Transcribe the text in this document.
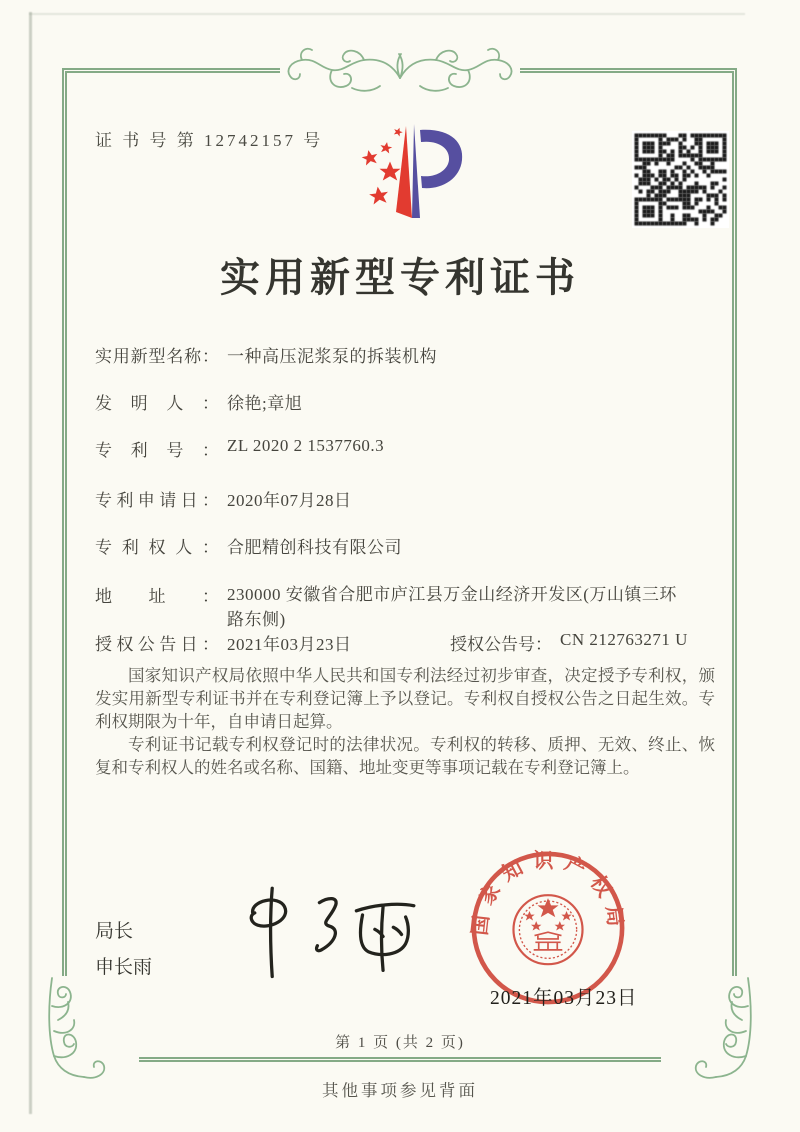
证 书 号 第 12742157 号
实用新型专利证书
实用新型名称： 一种高压泥浆泵的拆装机构
发明人： 徐艳;章旭
专利号： ZL 2020 2 1537760.3
专利申请日： 2020年07月28日
专利权人： 合肥精创科技有限公司
地址： 230000 安徽省合肥市庐江县万金山经济开发区(万山镇三环路东侧)
授权公告日： 2021年03月23日	授权公告号： CN 212763271 U

国家知识产权局依照中华人民共和国专利法经过初步审查，决定授予专利权，颁发实用新型专利证书并在专利登记簿上予以登记。专利权自授权公告之日起生效。专利权期限为十年，自申请日起算。

专利证书记载专利权登记时的法律状况。专利权的转移、质押、无效、终止、恢复和专利权人的姓名或名称、国籍、地址变更等事项记载在专利登记簿上。

局长
申长雨
国家知识产权局
2021年03月23日
第 1 页 (共 2 页)
其他事项参见背面
